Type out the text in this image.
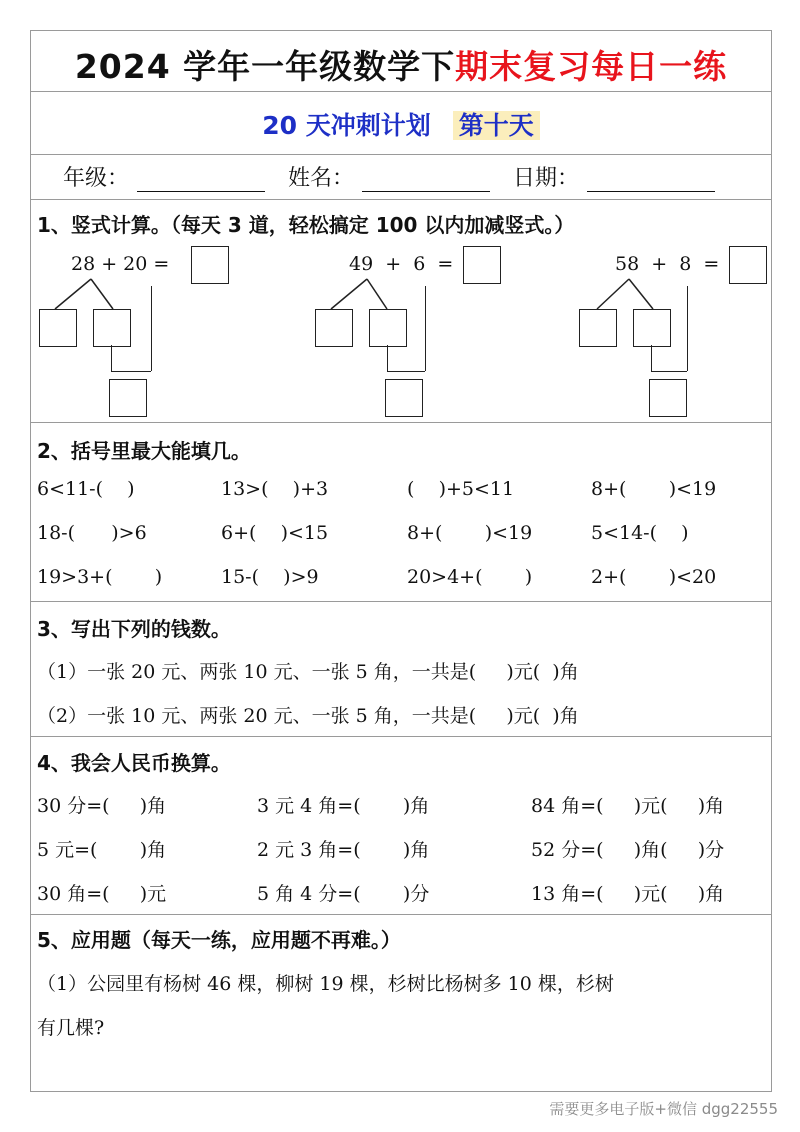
2024 学年一年级数学下期末复习每日一练
20 天冲刺计划 第十天
年级：	姓名：	日期：
1、竖式计算。（每天 3 道，轻松搞定 100 以内加减竖式。）
28 + 20 =	49  +  6  =	58  +  8  =
2、括号里最大能填几。
6<11-(    )	13>(    )+3	(    )+5<11	8+(       )<19
18-(      )>6	6+(    )<15	8+(       )<19	5<14-(    )
19>3+(       )	15-(    )>9	20>4+(       )	2+(       )<20
3、写出下列的钱数。
（1）一张 20 元、两张 10 元、一张 5 角，一共是(     )元(  )角
（2）一张 10 元、两张 20 元、一张 5 角，一共是(     )元(  )角
4、我会人民币换算。
30 分=(     )角	3 元 4 角=(       )角	84 角=(     )元(     )角
5 元=(       )角	2 元 3 角=(       )角	52 分=(     )角(     )分
30 角=(     )元	5 角 4 分=(       )分	13 角=(     )元(     )角
5、应用题（每天一练，应用题不再难。）
（1）公园里有杨树 46 棵，柳树 19 棵，杉树比杨树多 10 棵，杉树
有几棵?
需要更多电子版+微信 dgg22555
